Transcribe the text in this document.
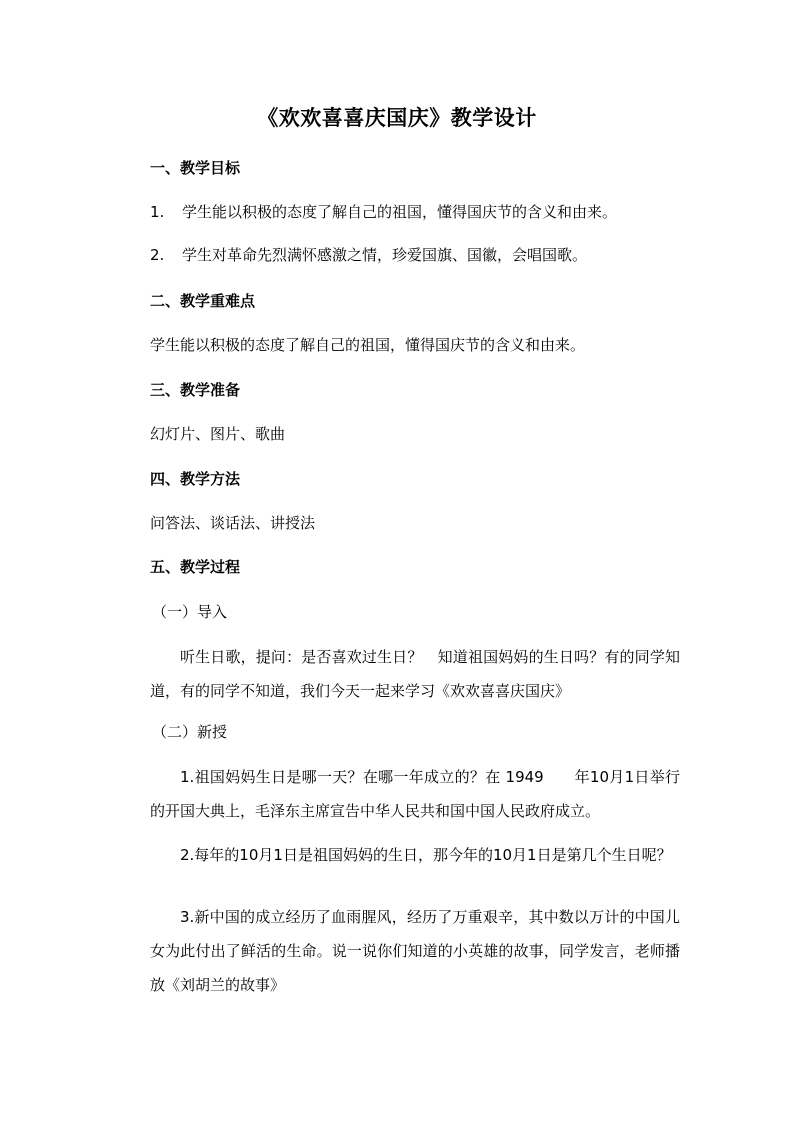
《欢欢喜喜庆国庆》教学设计
一、教学目标
1. 学生能以积极的态度了解自己的祖国，懂得国庆节的含义和由来。
2. 学生对革命先烈满怀感激之情，珍爱国旗、国徽，会唱国歌。
二、教学重难点
学生能以积极的态度了解自己的祖国，懂得国庆节的含义和由来。
三、教学准备
幻灯片、图片、歌曲
四、教学方法
问答法、谈话法、讲授法
五、教学过程
（一）导入
听生日歌，提问：是否喜欢过生日？　知道祖国妈妈的生日吗？有的同学知道，有的同学不知道，我们今天一起来学习《欢欢喜喜庆国庆》
（二）新授
1.祖国妈妈生日是哪一天？在哪一年成立的？在 1949　　年10月1日举行的开国大典上，毛泽东主席宣告中华人民共和国中国人民政府成立。
2.每年的10月1日是祖国妈妈的生日，那今年的10月1日是第几个生日呢？
3.新中国的成立经历了血雨腥风，经历了万重艰辛，其中数以万计的中国儿女为此付出了鲜活的生命。说一说你们知道的小英雄的故事，同学发言，老师播放《刘胡兰的故事》
